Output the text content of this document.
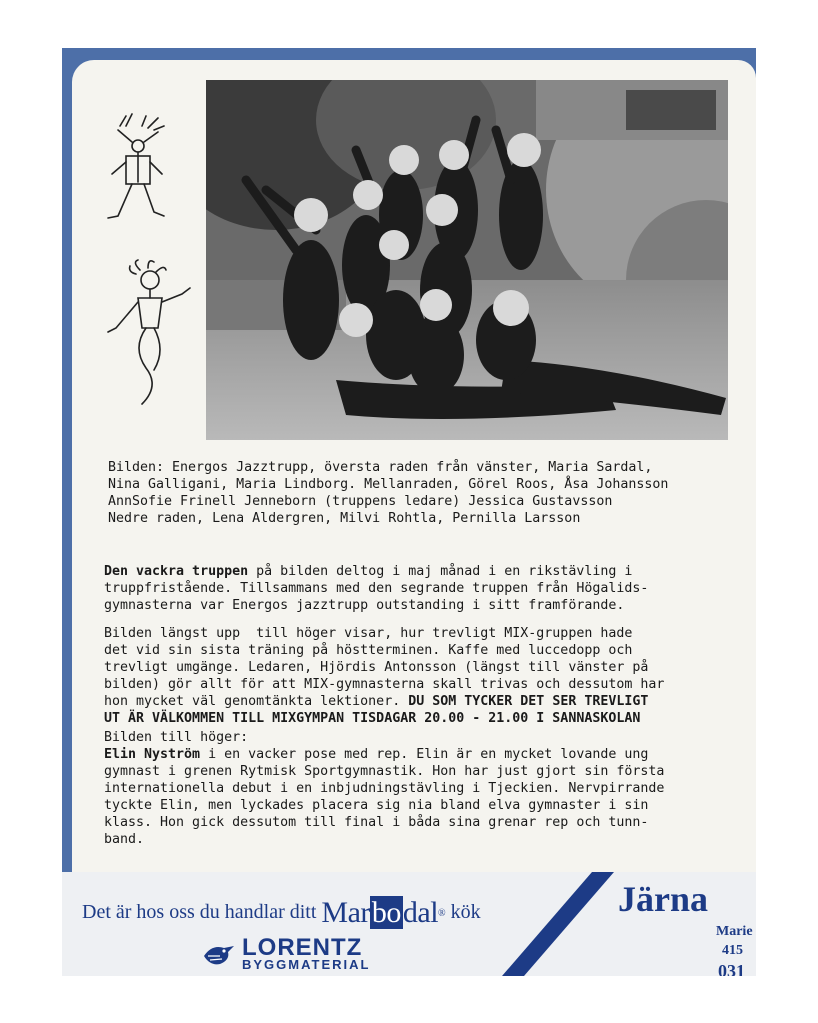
Bilden: Energos Jazztrupp, översta raden från vänster, Maria Sardal,
Nina Galligani, Maria Lindborg. Mellanraden, Görel Roos, Åsa Johansson
AnnSofie Frinell Jenneborn (truppens ledare) Jessica Gustavsson
Nedre raden, Lena Aldergren, Milvi Rohtla, Pernilla Larsson
Den vackra truppen på bilden deltog i maj månad i en rikstävling i
truppfristående. Tillsammans med den segrande truppen från Högalids-
gymnasterna var Energos jazztrupp outstanding i sitt framförande.
Bilden längst upp  till höger visar, hur trevligt MIX-gruppen hade
det vid sin sista träning på höstterminen. Kaffe med luccedopp och
trevligt umgänge. Ledaren, Hjördis Antonsson (längst till vänster på
bilden) gör allt för att MIX-gymnasterna skall trivas och dessutom har
hon mycket väl genomtänkta lektioner. DU SOM TYCKER DET SER TREVLIGT
UT ÄR VÄLKOMMEN TILL MIXGYMPAN TISDAGAR 20.00 - 21.00 I SANNASKOLAN
Bilden till höger:
Elin Nyström i en vacker pose med rep. Elin är en mycket lovande ung
gymnast i grenen Rytmisk Sportgymnastik. Hon har just gjort sin första
internationella debut i en inbjudningstävling i Tjeckien. Nervpirrande
tyckte Elin, men lyckades placera sig nia bland elva gymnaster i sin
klass. Hon gick dessutom till final i båda sina grenar rep och tunn-
band.
Det är hos oss du handlar ditt Marbodal® kök
LORENTZ
BYGGMATERIAL
Järna
Marie
415
031
